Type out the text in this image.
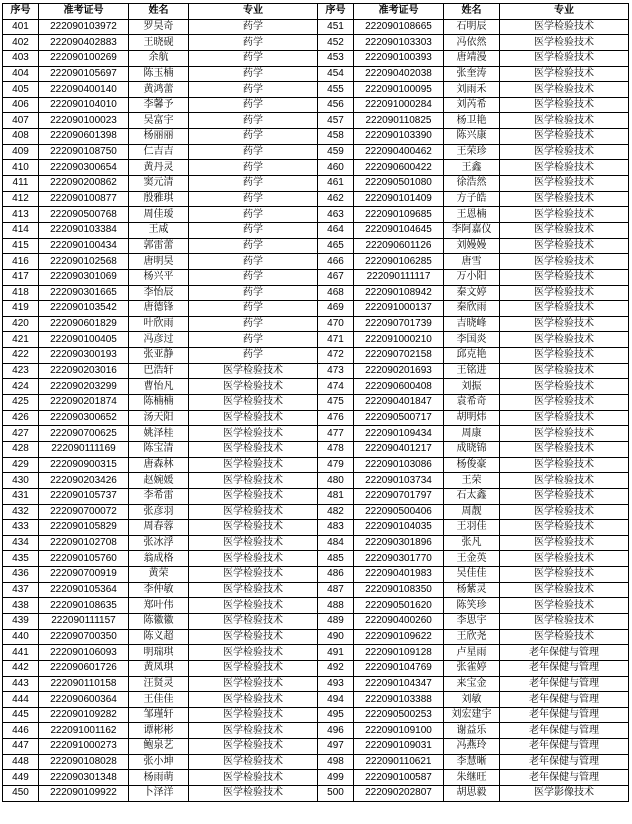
序号	准考证号	姓名	专业	序号	准考证号	姓名	专业
401	222090103972	罗昊奇	药学	451	222090108665	石明辰	医学检验技术
402	222090402883	王晓砚	药学	452	222090103303	冯依然	医学检验技术
403	222090100269	余航	药学	453	222090100393	唐靖漫	医学检验技术
404	222090105697	陈玉楠	药学	454	222090402038	张奎涛	医学检验技术
405	222090400140	黄鸿蕾	药学	455	222090100095	刘雨禾	医学检验技术
406	222090104010	李馨予	药学	456	222091000284	刘芮希	医学检验技术
407	222090100023	吴富宇	药学	457	222090110825	杨卫艳	医学检验技术
408	222090601398	杨丽丽	药学	458	222090103390	陈兴康	医学检验技术
409	222090108750	仁吉吉	药学	459	222090400462	王荣珍	医学检验技术
410	222090300654	黄丹灵	药学	460	222090600422	王鑫	医学检验技术
411	222090200862	窦元清	药学	461	222090501080	徐浩然	医学检验技术
412	222090100877	殷雅琪	药学	462	222090101409	方子皓	医学检验技术
413	222090500768	周佳瑷	药学	463	222090109685	王恩楠	医学检验技术
414	222090103384	王咸	药学	464	222090104645	李阿嘉仪	医学检验技术
415	222090100434	郭雷蕾	药学	465	222090601126	刘嫚嫚	医学检验技术
416	222090102568	唐明昊	药学	466	222090106285	唐雪	医学检验技术
417	222090301069	杨兴平	药学	467	222090111117	万小阳	医学检验技术
418	222090301665	李怡辰	药学	468	222090108942	秦文婷	医学检验技术
419	222090103542	唐德锋	药学	469	222091000137	秦欣雨	医学检验技术
420	222090601829	叶欣雨	药学	470	222090701739	吉晓峰	医学检验技术
421	222090100405	冯彦过	药学	471	222091000210	李国炎	医学检验技术
422	222090300193	张亚静	药学	472	222090702158	邱克艳	医学检验技术
423	222090203016	巴浩轩	医学检验技术	473	222090201693	王铭进	医学检验技术
424	222090203299	曹怡凡	医学检验技术	474	222090600408	刘振	医学检验技术
425	222090201874	陈楠楠	医学检验技术	475	222090401847	袁希奇	医学检验技术
426	222090300652	汤天阳	医学检验技术	476	222090500717	胡明炜	医学检验技术
427	222090700625	姚泽桂	医学检验技术	477	222090109434	周康	医学检验技术
428	222090111169	陈宝清	医学检验技术	478	222090401217	成晓锦	医学检验技术
429	222090900315	唐森林	医学检验技术	479	222090103086	杨俊豪	医学检验技术
430	222090203426	赵婉媛	医学检验技术	480	222090103734	王荣	医学检验技术
431	222090105737	李希雷	医学检验技术	481	222090701797	石太鑫	医学检验技术
432	222090700072	张彦羽	医学检验技术	482	222090500406	周靓	医学检验技术
433	222090105829	周春蓉	医学检验技术	483	222090104035	王羽佳	医学检验技术
434	222090102708	张冰浮	医学检验技术	484	222090301896	张凡	医学检验技术
435	222090105760	翁成格	医学检验技术	485	222090301770	王金英	医学检验技术
436	222090700919	黄荣	医学检验技术	486	222090401983	吴佳佳	医学检验技术
437	222090105364	李仲敏	医学检验技术	487	222090108350	杨紫灵	医学检验技术
438	222090108635	郑叶伟	医学检验技术	488	222090501620	陈笑珍	医学检验技术
439	222090111157	陈徽徽	医学检验技术	489	222090400260	李思宇	医学检验技术
440	222090700350	陈义超	医学检验技术	490	222090109622	王欣尧	医学检验技术
441	222090106093	明瑞琪	医学检验技术	491	222090109128	卢星雨	老年保健与管理
442	222090601726	黄凤琪	医学检验技术	492	222090104769	张雀婷	老年保健与管理
443	222090110158	汪贤灵	医学检验技术	493	222090104347	来宝金	老年保健与管理
444	222090600364	王佳佳	医学检验技术	494	222090103388	刘敏	老年保健与管理
445	222090109282	邹瑾轩	医学检验技术	495	222090500253	刘宏建宇	老年保健与管理
446	222091001162	谭彬彬	医学检验技术	496	222090109100	谢益乐	老年保健与管理
447	222091000273	鲍泉艺	医学检验技术	497	222090109031	冯燕玲	老年保健与管理
448	222090108028	张小坤	医学检验技术	498	222090110621	李慧晰	老年保健与管理
449	222090301348	杨雨萌	医学检验技术	499	222090100587	朱继旺	老年保健与管理
450	222090109922	卜泽洋	医学检验技术	500	222090202807	胡思毅	医学影像技术
